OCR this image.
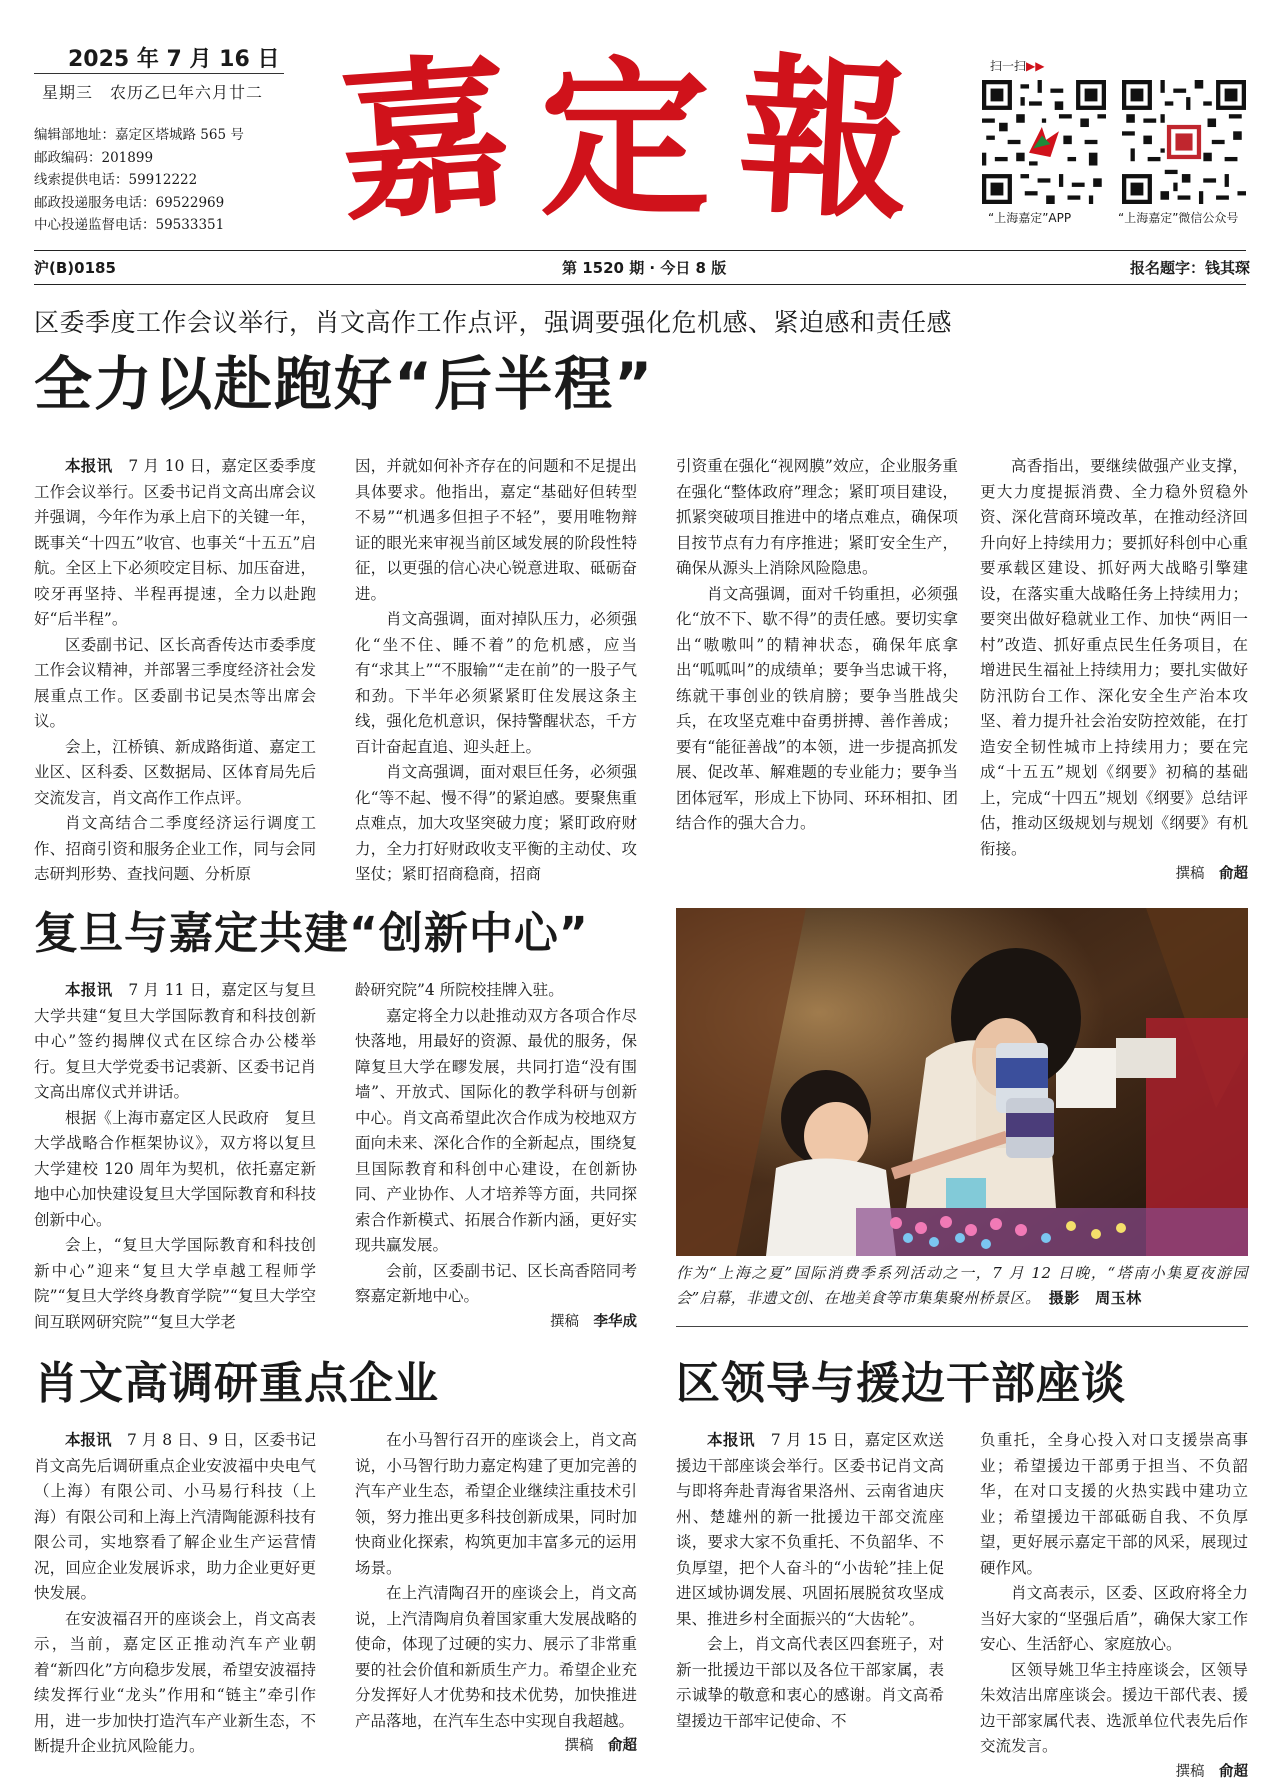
2025 年 7 月 16 日
星期三　农历乙巳年六月廿二
编辑部地址：嘉定区塔城路 565 号
邮政编码：201899
线索提供电话：59912222
邮政投递服务电话：69522969
中心投递监督电话：59533351 嘉 定 報	扫一扫▶▶
“上海嘉定”APP	“上海嘉定”微信公众号
沪(B)0185	第 1520 期 · 今日 8 版	报名题字：钱其琛
区委季度工作会议举行，肖文高作工作点评，强调要强化危机感、紧迫感和责任感
全力以赴跑好“后半程”

本报讯　7 月 10 日，嘉定区委季度工作会议举行。区委书记肖文高出席会议并强调，今年作为承上启下的关键一年，既事关“十四五”收官、也事关“十五五”启航。全区上下必须咬定目标、加压奋进，咬牙再坚持、半程再提速，全力以赴跑好“后半程”。

区委副书记、区长高香传达市委季度工作会议精神，并部署三季度经济社会发展重点工作。区委副书记吴杰等出席会议。

会上，江桥镇、新成路街道、嘉定工业区、区科委、区数据局、区体育局先后交流发言，肖文高作工作点评。

肖文高结合二季度经济运行调度工作、招商引资和服务企业工作，同与会同志研判形势、查找问题、分析原

因，并就如何补齐存在的问题和不足提出具体要求。他指出，嘉定“基础好但转型不易”“机遇多但担子不轻”，要用唯物辩证的眼光来审视当前区域发展的阶段性特征，以更强的信心决心锐意进取、砥砺奋进。

肖文高强调，面对掉队压力，必须强化“坐不住、睡不着”的危机感，应当有“求其上”“不服输”“走在前”的一股子气和劲。下半年必须紧紧盯住发展这条主线，强化危机意识，保持警醒状态，千方百计奋起直追、迎头赶上。

肖文高强调，面对艰巨任务，必须强化“等不起、慢不得”的紧迫感。要聚焦重点难点，加大攻坚突破力度；紧盯政府财力，全力打好财政收支平衡的主动仗、攻坚仗；紧盯招商稳商，招商

引资重在强化“视网膜”效应，企业服务重在强化“整体政府”理念；紧盯项目建设，抓紧突破项目推进中的堵点难点，确保项目按节点有力有序推进；紧盯安全生产，确保从源头上消除风险隐患。

肖文高强调，面对千钧重担，必须强化“放不下、歇不得”的责任感。要切实拿出“嗷嗷叫”的精神状态，确保年底拿出“呱呱叫”的成绩单；要争当忠诚干将，练就干事创业的铁肩膀；要争当胜战尖兵，在攻坚克难中奋勇拼搏、善作善成；要有“能征善战”的本领，进一步提高抓发展、促改革、解难题的专业能力；要争当团体冠军，形成上下协同、环环相扣、团结合作的强大合力。

高香指出，要继续做强产业支撑，更大力度提振消费、全力稳外贸稳外资、深化营商环境改革，在推动经济回升向好上持续用力；要抓好科创中心重要承载区建设、抓好两大战略引擎建设，在落实重大战略任务上持续用力；要突出做好稳就业工作、加快“两旧一村”改造、抓好重点民生任务项目，在增进民生福祉上持续用力；要扎实做好防汛防台工作、深化安全生产治本攻坚、着力提升社会治安防控效能，在打造安全韧性城市上持续用力；要在完成“十五五”规划《纲要》初稿的基础上，完成“十四五”规划《纲要》总结评估，推动区级规划与规划《纲要》有机衔接。

撰稿　 俞超
复旦与嘉定共建“创新中心”

本报讯　7 月 11 日，嘉定区与复旦大学共建“复旦大学国际教育和科技创新中心”签约揭牌仪式在区综合办公楼举行。复旦大学党委书记裘新、区委书记肖文高出席仪式并讲话。

根据《上海市嘉定区人民政府　复旦大学战略合作框架协议》，双方将以复旦大学建校 120 周年为契机，依托嘉定新地中心加快建设复旦大学国际教育和科技创新中心。

会上，“复旦大学国际教育和科技创新中心”迎来“复旦大学卓越工程师学院”“复旦大学终身教育学院”“复旦大学空间互联网研究院”“复旦大学老

龄研究院”4 所院校挂牌入驻。

嘉定将全力以赴推动双方各项合作尽快落地，用最好的资源、最优的服务，保障复旦大学在疁发展，共同打造“没有围墙”、开放式、国际化的教学科研与创新中心。肖文高希望此次合作成为校地双方面向未来、深化合作的全新起点，围绕复旦国际教育和科创中心建设，在创新协同、产业协作、人才培养等方面，共同探索合作新模式、拓展合作新内涵，更好实现共赢发展。

会前，区委副书记、区长高香陪同考察嘉定新地中心。

撰稿　 李华成
作为“上海之夏”国际消费季系列活动之一，7 月 12 日晚，“塔南小集夏夜游园会”启幕，非遗文创、在地美食等市集集聚州桥景区。　 摄影　 周玉林
肖文高调研重点企业

本报讯　7 月 8 日、9 日，区委书记肖文高先后调研重点企业安波福中央电气（上海）有限公司、小马易行科技（上海）有限公司和上海上汽清陶能源科技有限公司，实地察看了解企业生产运营情况，回应企业发展诉求，助力企业更好更快发展。

在安波福召开的座谈会上，肖文高表示，当前，嘉定区正推动汽车产业朝着“新四化”方向稳步发展，希望安波福持续发挥行业“龙头”作用和“链主”牵引作用，进一步加快打造汽车产业新生态，不断提升企业抗风险能力。

在小马智行召开的座谈会上，肖文高说，小马智行助力嘉定构建了更加完善的汽车产业生态，希望企业继续注重技术引领，努力推出更多科技创新成果，同时加快商业化探索，构筑更加丰富多元的运用场景。

在上汽清陶召开的座谈会上，肖文高说，上汽清陶肩负着国家重大发展战略的使命，体现了过硬的实力、展示了非常重要的社会价值和新质生产力。希望企业充分发挥好人才优势和技术优势，加快推进产品落地，在汽车生态中实现自我超越。

撰稿　 俞超
区领导与援边干部座谈

本报讯　7 月 15 日，嘉定区欢送援边干部座谈会举行。区委书记肖文高与即将奔赴青海省果洛州、云南省迪庆州、楚雄州的新一批援边干部交流座谈，要求大家不负重托、不负韶华、不负厚望，把个人奋斗的“小齿轮”挂上促进区域协调发展、巩固拓展脱贫攻坚成果、推进乡村全面振兴的“大齿轮”。

会上，肖文高代表区四套班子，对新一批援边干部以及各位干部家属，表示诚挚的敬意和衷心的感谢。肖文高希望援边干部牢记使命、不

负重托，全身心投入对口支援崇高事业；希望援边干部勇于担当、不负韶华，在对口支援的火热实践中建功立业；希望援边干部砥砺自我、不负厚望，更好展示嘉定干部的风采，展现过硬作风。

肖文高表示，区委、区政府将全力当好大家的“坚强后盾”，确保大家工作安心、生活舒心、家庭放心。

区领导姚卫华主持座谈会，区领导朱效洁出席座谈会。援边干部代表、援边干部家属代表、选派单位代表先后作交流发言。

撰稿　 俞超
